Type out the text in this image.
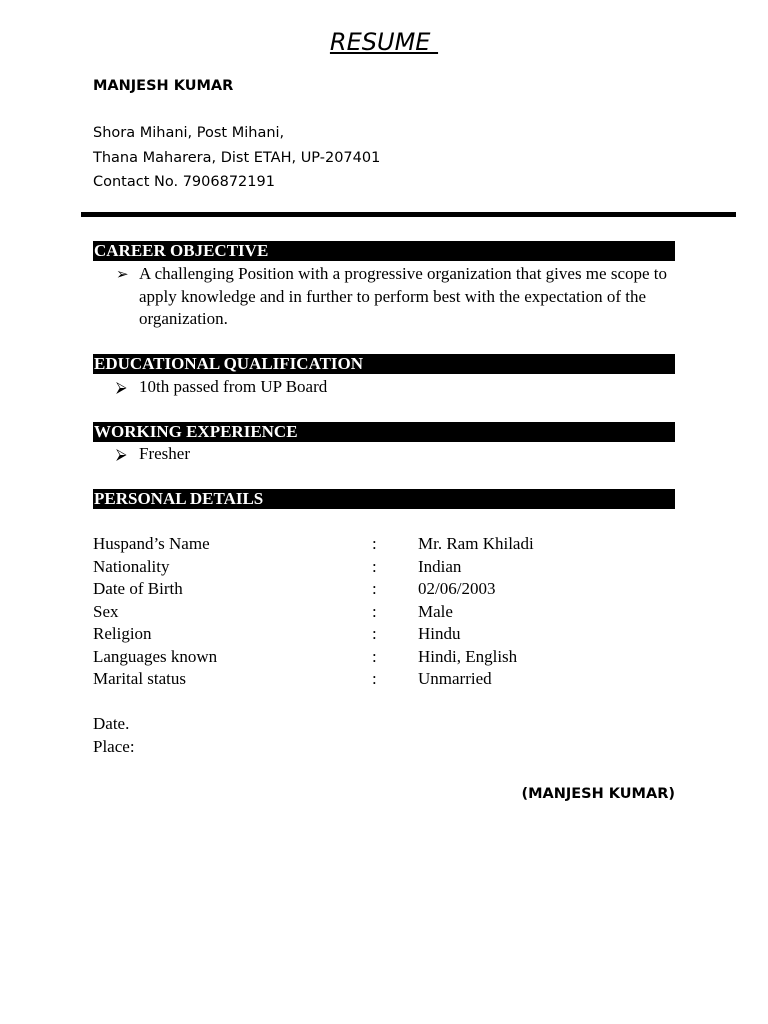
RESUME
MANJESH KUMAR
Shora Mihani, Post Mihani,
Thana Maharera, Dist ETAH, UP-207401
Contact No. 7906872191
CAREER OBJECTIVE
➢ A challenging Position with a progressive organization that gives me scope to apply knowledge and in further to perform best with the expectation of the organization.
EDUCATIONAL QUALIFICATION
⮚ 10th passed from UP Board
WORKING EXPERIENCE
⮚ Fresher
PERSONAL DETAILS
Huspand’s Name	: Mr. Ram Khiladi
Nationality	: Indian
Date of Birth	: 02/06/2003
Sex	: Male
Religion	: Hindu
Languages known	: Hindi, English
Marital status	: Unmarried
Date.
Place:
(MANJESH KUMAR)
